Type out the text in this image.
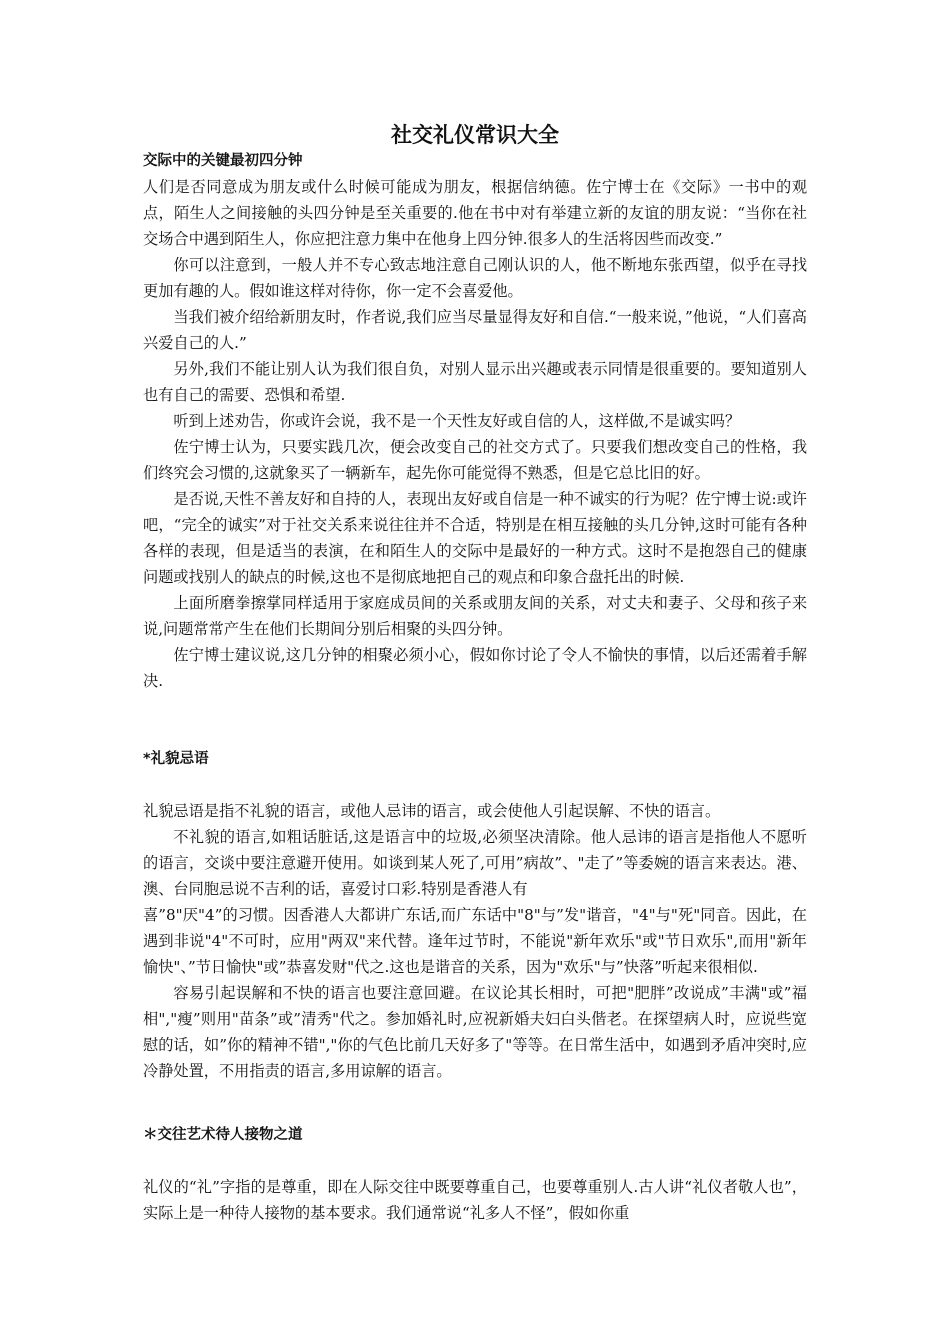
社交礼仪常识大全

交际中的关键最初四分钟

人们是否同意成为朋友或什么时候可能成为朋友，根据信纳德。佐宁博士在《交际》一书中的观点，陌生人之间接触的头四分钟是至关重要的.他在书中对有举建立新的友谊的朋友说：“当你在社交场合中遇到陌生人，你应把注意力集中在他身上四分钟.很多人的生活将因些而改变.”

你可以注意到，一般人并不专心致志地注意自己刚认识的人，他不断地东张西望，似乎在寻找更加有趣的人。假如谁这样对待你，你一定不会喜爱他。

当我们被介绍给新朋友时，作者说,我们应当尽量显得友好和自信.“一般来说，”他说，“人们喜高兴爱自己的人.”

另外,我们不能让别人认为我们很自负，对别人显示出兴趣或表示同情是很重要的。要知道别人也有自己的需要、恐惧和希望.

听到上述劝告，你或许会说，我不是一个天性友好或自信的人，这样做,不是诚实吗？

佐宁博士认为，只要实践几次，便会改变自己的社交方式了。只要我们想改变自己的性格，我们终究会习惯的,这就象买了一辆新车，起先你可能觉得不熟悉，但是它总比旧的好。

是否说,天性不善友好和自持的人，表现出友好或自信是一种不诚实的行为呢？佐宁博士说:或许吧，“完全的诚实”对于社交关系来说往往并不合适，特别是在相互接触的头几分钟,这时可能有各种各样的表现，但是适当的表演，在和陌生人的交际中是最好的一种方式。这时不是抱怨自己的健康问题或找别人的缺点的时候,这也不是彻底地把自己的观点和印象合盘托出的时候.

上面所磨拳擦掌同样适用于家庭成员间的关系或朋友间的关系，对丈夫和妻子、父母和孩子来说,问题常常产生在他们长期间分别后相聚的头四分钟。

佐宁博士建议说,这几分钟的相聚必须小心，假如你讨论了令人不愉快的事情，以后还需着手解决.

*礼貌忌语

礼貌忌语是指不礼貌的语言，或他人忌讳的语言，或会使他人引起误解、不快的语言。

不礼貌的语言,如粗话脏话,这是语言中的垃圾,必须坚决清除。他人忌讳的语言是指他人不愿听的语言，交谈中要注意避开使用。如谈到某人死了,可用”病故”、"走了”等委婉的语言来表达。港、澳、台同胞忌说不吉利的话，喜爱讨口彩.特别是香港人有

喜”8"厌"4”的习惯。因香港人大都讲广东话,而广东话中"8"与”发"谐音，"4"与"死"同音。因此，在遇到非说"4"不可时，应用"两双"来代替。逢年过节时，不能说"新年欢乐"或"节日欢乐",而用"新年愉快"、”节日愉快"或”恭喜发财"代之.这也是谐音的关系，因为"欢乐"与”快落”听起来很相似.

容易引起误解和不快的语言也要注意回避。在议论其长相时，可把"肥胖”改说成”丰满"或”福相","瘦”则用"苗条”或”清秀"代之。参加婚礼时,应祝新婚夫妇白头偕老。在探望病人时，应说些宽慰的话，如”你的精神不错","你的气色比前几天好多了"等等。在日常生活中，如遇到矛盾冲突时,应冷静处置，不用指责的语言,多用谅解的语言。

＊交往艺术待人接物之道

礼仪的“礼”字指的是尊重，即在人际交往中既要尊重自己，也要尊重别人.古人讲“礼仪者敬人也”，实际上是一种待人接物的基本要求。我们通常说“礼多人不怪”，假如你重
